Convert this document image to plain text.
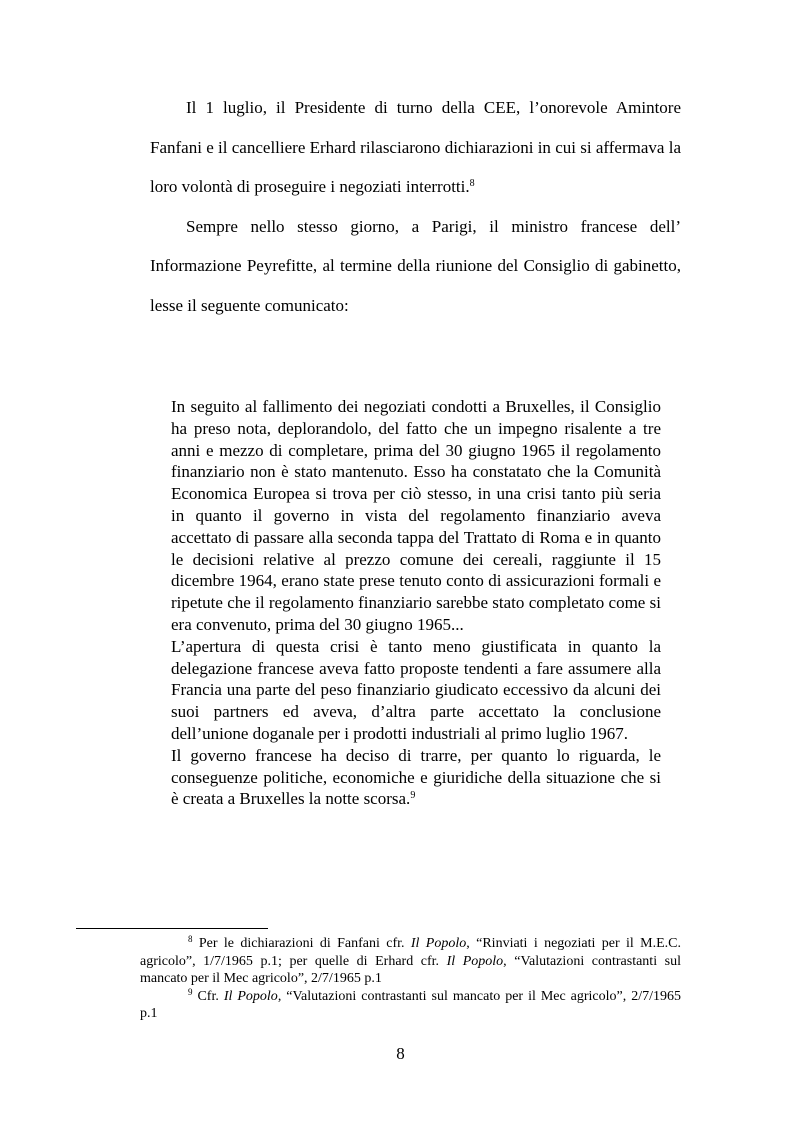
Il 1 luglio, il Presidente di turno della CEE, l’onorevole Amintore Fanfani e il cancelliere Erhard rilasciarono dichiarazioni in cui si affermava la loro volontà di proseguire i negoziati interrotti.$^8$

Sempre nello stesso giorno, a Parigi, il ministro francese dell’ Informazione Peyrefitte, al termine della riunione del Consiglio di gabinetto, lesse il seguente comunicato:

In seguito al fallimento dei negoziati condotti a Bruxelles, il Consiglio ha preso nota, deplorandolo, del fatto che un impegno risalente a tre anni e mezzo di completare, prima del 30 giugno 1965 il regolamento finanziario non è stato mantenuto. Esso ha constatato che la Comunità Economica Europea si trova per ciò stesso, in una crisi tanto più seria in quanto il governo in vista del regolamento finanziario aveva accettato di passare alla seconda tappa del Trattato di Roma e in quanto le decisioni relative al prezzo comune dei cereali, raggiunte il 15 dicembre 1964, erano state prese tenuto conto di assicurazioni formali e ripetute che il regolamento finanziario sarebbe stato completato come si era convenuto, prima del 30 giugno 1965...

L’apertura di questa crisi è tanto meno giustificata in quanto la delegazione francese aveva fatto proposte tendenti a fare assumere alla Francia una parte del peso finanziario giudicato eccessivo da alcuni dei suoi partners ed aveva, d’altra parte accettato la conclusione dell’unione doganale per i prodotti industriali al primo luglio 1967.

Il governo francese ha deciso di trarre, per quanto lo riguarda, le conseguenze politiche, economiche e giuridiche della situazione che si è creata a Bruxelles la notte scorsa.$^9$

$^8$ Per le dichiarazioni di Fanfani cfr. Il Popolo, “Rinviati i negoziati per il M.E.C. agricolo”, 1/7/1965 p.1; per quelle di Erhard cfr. Il Popolo, “Valutazioni contrastanti sul mancato per il Mec agricolo”, 2/7/1965 p.1

$^9$ Cfr. Il Popolo, “Valutazioni contrastanti sul mancato per il Mec agricolo”, 2/7/1965 p.1

8
